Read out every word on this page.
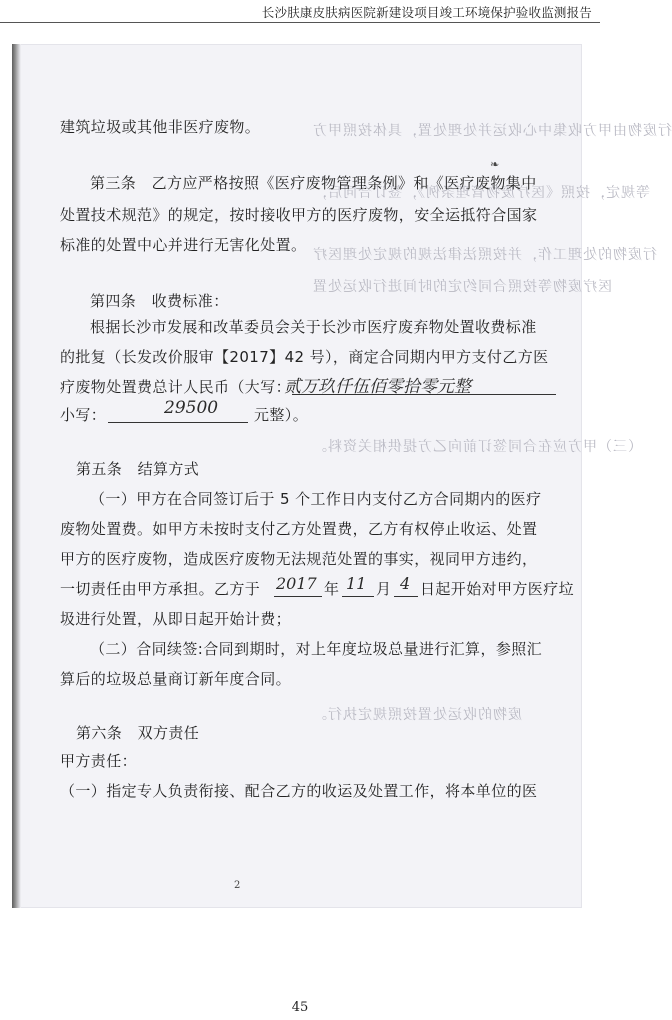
长沙肤康皮肤病医院新建设项目竣工环境保护验收监测报告
行废物由甲方收集中心收运并处理处置，具体按照甲方
等规定，按照《医疗废物管理条例》，签订合同后，
行废物的处理工作，并按照法律法规的规定处理医疗
医疗废物等按照合同约定的时间进行收运处置
（三）甲方应在合同签订前向乙方提供相关资料。
废物的收运处置按照规定执行。
❧
建筑垃圾或其他非医疗废物。
第三条　乙方应严格按照《医疗废物管理条例》和《医疗废物集中
处置技术规范》的规定，按时接收甲方的医疗废物，安全运抵符合国家
标准的处置中心并进行无害化处置。
第四条　收费标准：
根据长沙市发展和改革委员会关于长沙市医疗废弃物处置收费标准
的批复（长发改价服审【2017】42 号），商定合同期内甲方支付乙方医
疗废物处置费总计人民币（大写：
贰万玖仟伍佰零拾零元整
小写：	29500 元整）。
第五条　结算方式
（一）甲方在合同签订后于 5 个工作日内支付乙方合同期内的医疗
废物处置费。如甲方未按时支付乙方处置费，乙方有权停止收运、处置
甲方的医疗废物，造成医疗废物无法规范处置的事实，视同甲方违约，
一切责任由甲方承担。乙方于 2017 年 11 月 4 日起开始对甲方医疗垃
圾进行处置，从即日起开始计费；
（二）合同续签:合同到期时，对上年度垃圾总量进行汇算，参照汇
算后的垃圾总量商订新年度合同。
第六条　双方责任
甲方责任：
（一）指定专人负责衔接、配合乙方的收运及处置工作，将本单位的医
2
45
